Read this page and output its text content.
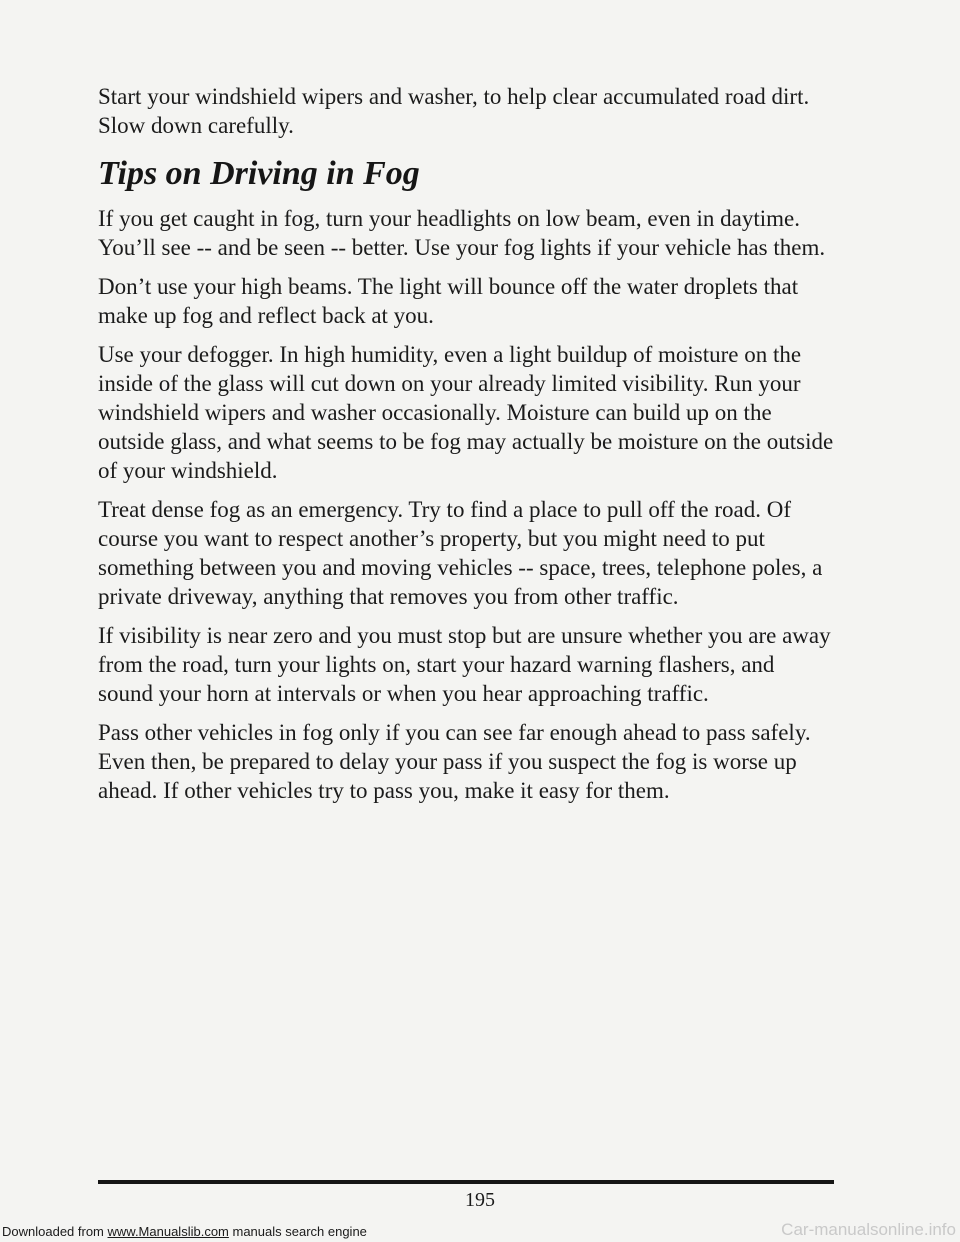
Start your windshield wipers and washer, to help clear accumulated road dirt. Slow down carefully.

Tips on Driving in Fog

If you get caught in fog, turn your headlights on low beam, even in daytime. You’ll see -- and be seen -- better. Use your fog lights if your vehicle has them.

Don’t use your high beams. The light will bounce off the water droplets that make up fog and reflect back at you.

Use your defogger. In high humidity, even a light buildup of moisture on the inside of the glass will cut down on your already limited visibility. Run your windshield wipers and washer occasionally. Moisture can build up on the outside glass, and what seems to be fog may actually be moisture on the outside of your windshield.

Treat dense fog as an emergency. Try to find a place to pull off the road. Of course you want to respect another’s property, but you might need to put something between you and moving vehicles -- space, trees, telephone poles, a private driveway, anything that removes you from other traffic.

If visibility is near zero and you must stop but are unsure whether you are away from the road, turn your lights on, start your hazard warning flashers, and sound your horn at intervals or when you hear approaching traffic.

Pass other vehicles in fog only if you can see far enough ahead to pass safely. Even then, be prepared to delay your pass if you suspect the fog is worse up ahead. If other vehicles try to pass you, make it easy for them.

195
Downloaded from www.Manualslib.com manuals search engine	Car-manualsonline.info
